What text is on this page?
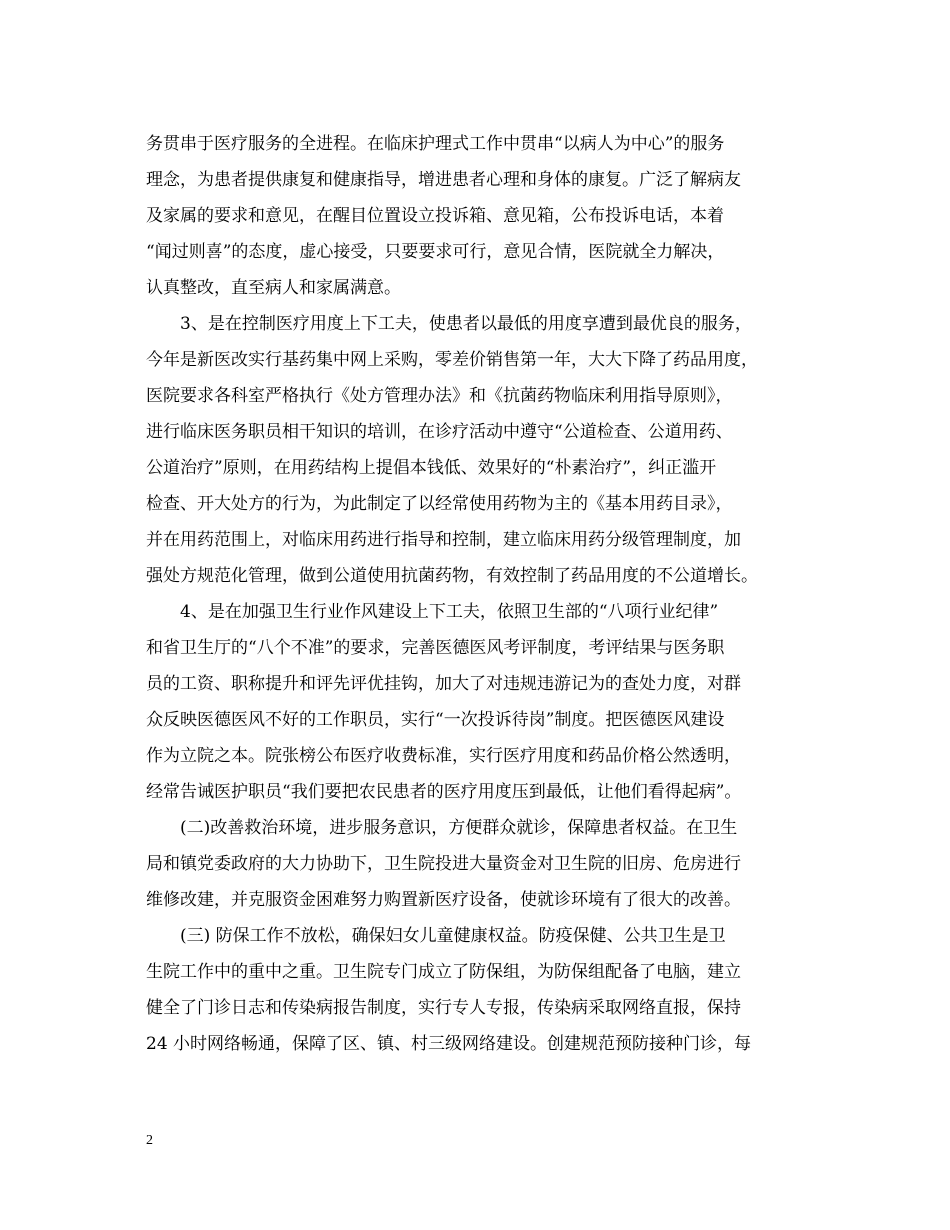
务贯串于医疗服务的全进程。在临床护理式工作中贯串“以病人为中心”的服务
理念，为患者提供康复和健康指导，增进患者心理和身体的康复。广泛了解病友
及家属的要求和意见，在醒目位置设立投诉箱、意见箱，公布投诉电话，本着
“闻过则喜”的态度，虚心接受，只要要求可行，意见合情，医院就全力解决，
认真整改，直至病人和家属满意。
　　3、是在控制医疗用度上下工夫，使患者以最低的用度享遭到最优良的服务，
今年是新医改实行基药集中网上采购，零差价销售第一年，大大下降了药品用度，
医院要求各科室严格执行《处方管理办法》和《抗菌药物临床利用指导原则》，
进行临床医务职员相干知识的培训，在诊疗活动中遵守“公道检查、公道用药、
公道治疗”原则，在用药结构上提倡本钱低、效果好的“朴素治疗”，纠正滥开
检查、开大处方的行为，为此制定了以经常使用药物为主的《基本用药目录》，
并在用药范围上，对临床用药进行指导和控制，建立临床用药分级管理制度，加
强处方规范化管理，做到公道使用抗菌药物，有效控制了药品用度的不公道增长。
　　4、是在加强卫生行业作风建设上下工夫，依照卫生部的“八项行业纪律”
和省卫生厅的“八个不准”的要求，完善医德医风考评制度，考评结果与医务职
员的工资、职称提升和评先评优挂钩，加大了对违规违游记为的查处力度，对群
众反映医德医风不好的工作职员，实行“一次投诉待岗”制度。把医德医风建设
作为立院之本。院张榜公布医疗收费标准，实行医疗用度和药品价格公然透明，
经常告诫医护职员“我们要把农民患者的医疗用度压到最低，让他们看得起病”。
　　(二)改善救治环境，进步服务意识，方便群众就诊，保障患者权益。在卫生
局和镇党委政府的大力协助下，卫生院投进大量资金对卫生院的旧房、危房进行
维修改建，并克服资金困难努力购置新医疗设备，使就诊环境有了很大的改善。
　　(三) 防保工作不放松，确保妇女儿童健康权益。防疫保健、公共卫生是卫
生院工作中的重中之重。卫生院专门成立了防保组，为防保组配备了电脑，建立
健全了门诊日志和传染病报告制度，实行专人专报，传染病采取网络直报，保持
24 小时网络畅通，保障了区、镇、村三级网络建设。创建规范预防接种门诊，每
2
